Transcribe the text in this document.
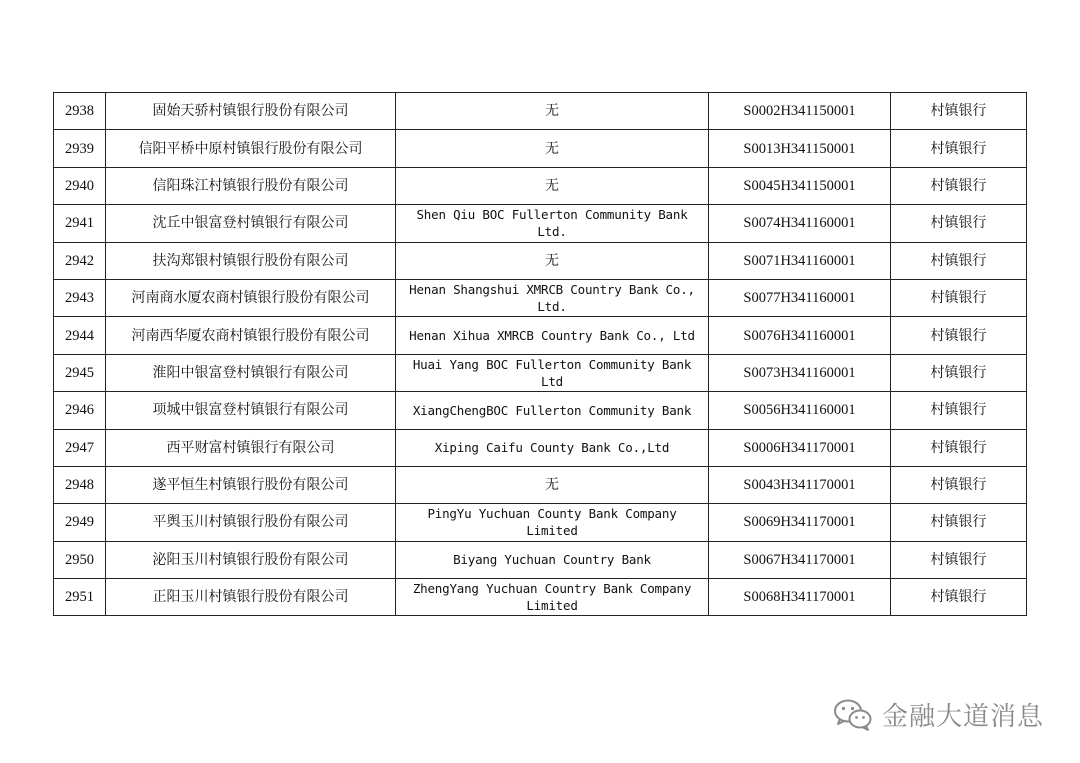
2938	固始天骄村镇银行股份有限公司	无	S0002H341150001	村镇银行
2939	信阳平桥中原村镇银行股份有限公司	无	S0013H341150001	村镇银行
2940	信阳珠江村镇银行股份有限公司	无	S0045H341150001	村镇银行
2941	沈丘中银富登村镇银行有限公司	Shen Qiu BOC Fullerton Community Bank Ltd.	S0074H341160001	村镇银行
2942	扶沟郑银村镇银行股份有限公司	无	S0071H341160001	村镇银行
2943	河南商水厦农商村镇银行股份有限公司	Henan Shangshui XMRCB Country Bank Co., Ltd.	S0077H341160001	村镇银行
2944	河南西华厦农商村镇银行股份有限公司	Henan Xihua XMRCB Country Bank Co., Ltd	S0076H341160001	村镇银行
2945	淮阳中银富登村镇银行有限公司	Huai Yang BOC Fullerton Community Bank Ltd	S0073H341160001	村镇银行
2946	项城中银富登村镇银行有限公司	XiangChengBOC Fullerton Community Bank	S0056H341160001	村镇银行
2947	西平财富村镇银行有限公司	Xiping Caifu County Bank Co.,Ltd	S0006H341170001	村镇银行
2948	遂平恒生村镇银行股份有限公司	无	S0043H341170001	村镇银行
2949	平舆玉川村镇银行股份有限公司	PingYu Yuchuan County Bank Company Limited	S0069H341170001	村镇银行
2950	泌阳玉川村镇银行股份有限公司	Biyang Yuchuan Country Bank	S0067H341170001	村镇银行
2951	正阳玉川村镇银行股份有限公司	ZhengYang Yuchuan Country Bank Company Limited	S0068H341170001	村镇银行
金融大道消息
